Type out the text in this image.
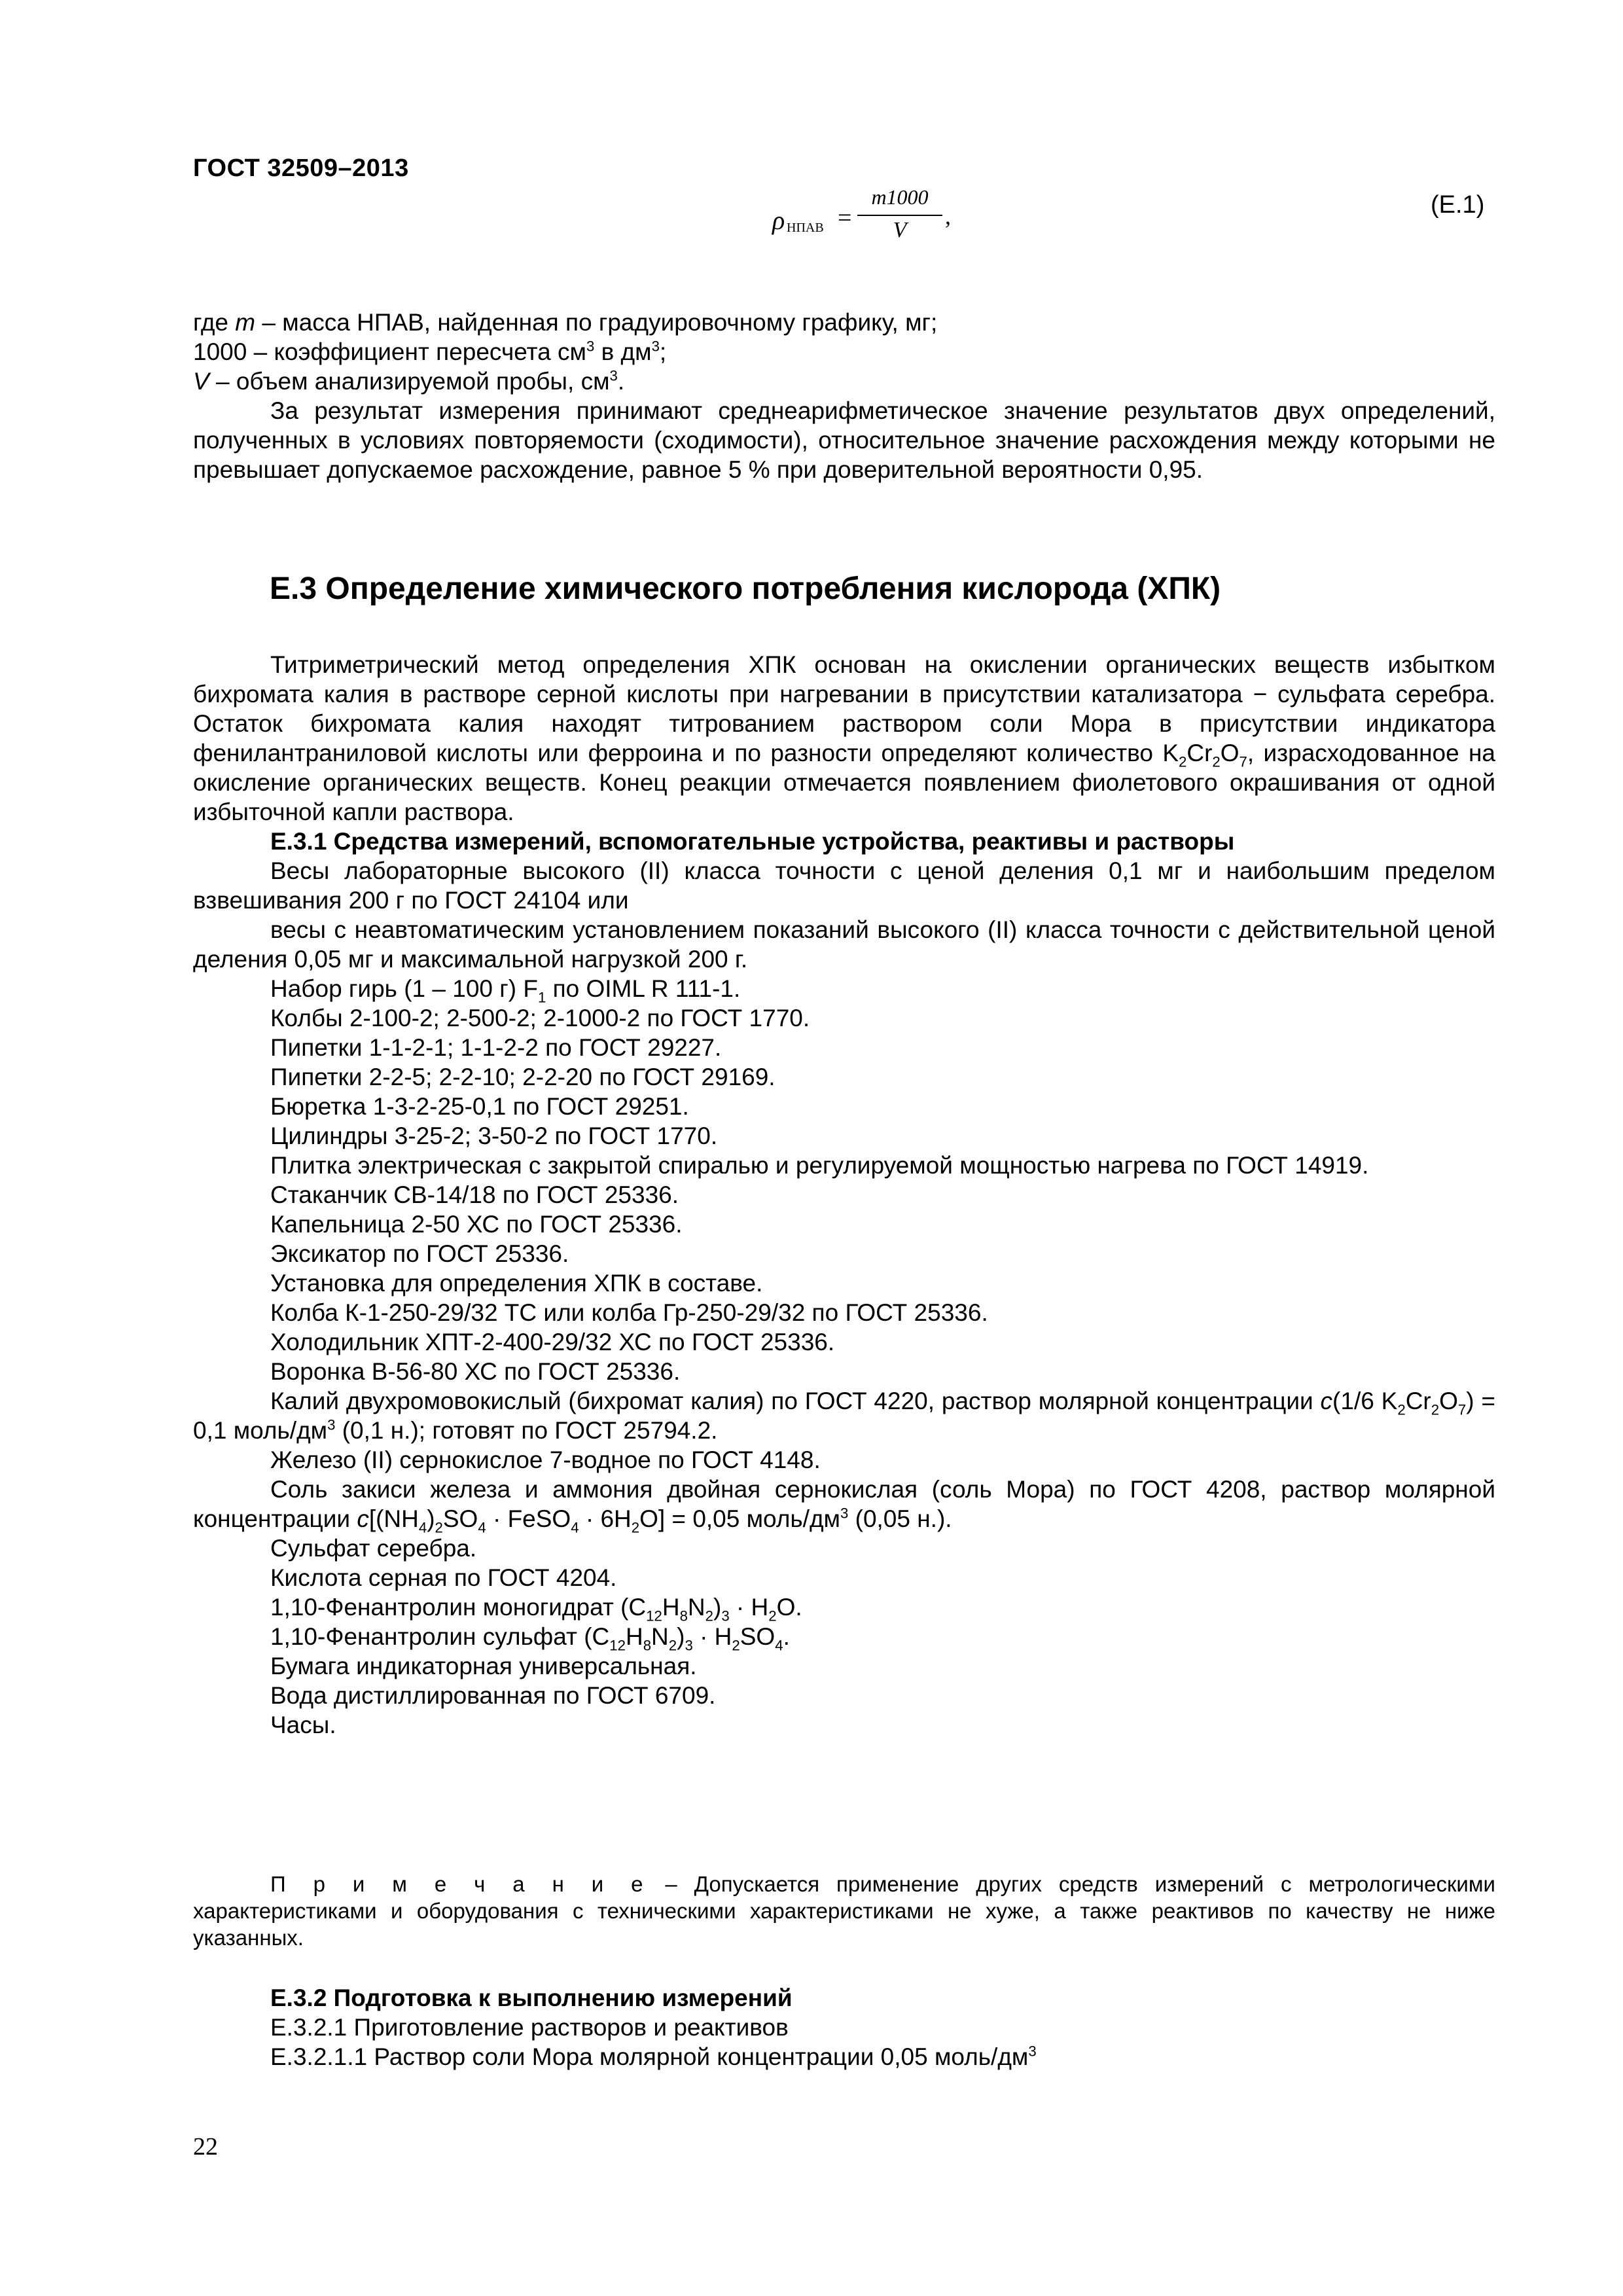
ГОСТ 32509–2013
ρ НПАВ =
m1000
V
,	(Е.1)

где m – масса НПАВ, найденная по градуировочному графику, мг;

1000 – коэффициент пересчета $см^3$ в $дм^3$;

V – объем анализируемой пробы, $см^3$.

За результат измерения принимают среднеарифметическое значение результатов двух определений, полученных в условиях повторяемости (сходимости), относительное значение расхождения между которыми не превышает допускаемое расхождение, равное 5 % при доверительной вероятности 0,95.

Е.3 Определение химического потребления кислорода (ХПК)

Титриметрический метод определения ХПК основан на окислении органических веществ избытком бихромата калия в растворе серной кислоты при нагревании в присутствии катализатора − сульфата серебра. Остаток бихромата калия находят титрованием раствором соли Мора в присутствии индикатора фенилантраниловой кислоты или ферроина и по разности определяют количество $K_2Cr_2O_7$, израсходованное на окисление органических веществ. Конец реакции отмечается появлением фиолетового окрашивания от одной избыточной капли раствора.

Е.3.1 Средства измерений, вспомогательные устройства, реактивы и растворы

Весы лабораторные высокого (II) класса точности с ценой деления 0,1 мг и наибольшим пределом взвешивания 200 г по ГОСТ 24104 или

весы с неавтоматическим установлением показаний высокого (II) класса точности с действительной ценой деления 0,05 мг и максимальной нагрузкой 200 г.

Набор гирь (1 – 100 г) $F_1$ по OIML R 111-1.

Колбы 2-100-2; 2-500-2; 2-1000-2 по ГОСТ 1770.

Пипетки 1-1-2-1; 1-1-2-2 по ГОСТ 29227.

Пипетки 2-2-5; 2-2-10; 2-2-20 по ГОСТ 29169.

Бюретка 1-3-2-25-0,1 по ГОСТ 29251.

Цилиндры 3-25-2; 3-50-2 по ГОСТ 1770.

Плитка электрическая с закрытой спиралью и регулируемой мощностью нагрева по ГОСТ 14919.

Стаканчик СВ-14/18 по ГОСТ 25336.

Капельница 2-50 ХС по ГОСТ 25336.

Эксикатор по ГОСТ 25336.

Установка для определения ХПК в составе.

Колба К-1-250-29/32 ТС или колба Гр-250-29/32 по ГОСТ 25336.

Холодильник ХПТ-2-400-29/32 ХС по ГОСТ 25336.

Воронка В-56-80 ХС по ГОСТ 25336.

Калий двухромовокислый (бихромат калия) по ГОСТ 4220, раствор молярной концентрации c(1/6 $K_2Cr_2O_7) = 0,1$ моль/$дм^3$ (0,1 н.); готовят по ГОСТ 25794.2.

Железо (II) сернокислое 7-водное по ГОСТ 4148.

Соль закиси железа и аммония двойная сернокислая (соль Мора) по ГОСТ 4208, раствор молярной концентрации $c[(NH_4)_2SO_4$ · FeSO$_4$ · $6H_2O] = 0,05$ моль/$дм^3$ (0,05 н.).

Сульфат серебра.

Кислота серная по ГОСТ 4204.

1,10-Фенантролин моногидрат $(C_{12}H_8N_2)_3 \cdot H_2O$.

1,10-Фенантролин сульфат $(C_{12}H_8N_2)_3 \cdot H_2SO_4$.

Бумага индикаторная универсальная.

Вода дистиллированная по ГОСТ 6709.

Часы.

П р и м е ч а н и е – Допускается применение других средств измерений с метрологическими характеристиками и оборудования с техническими характеристиками не хуже, а также реактивов по качеству не ниже указанных.

Е.3.2 Подготовка к выполнению измерений

Е.3.2.1 Приготовление растворов и реактивов

Е.3.2.1.1 Раствор соли Мора молярной концентрации 0,05 моль/$дм^3$

22
